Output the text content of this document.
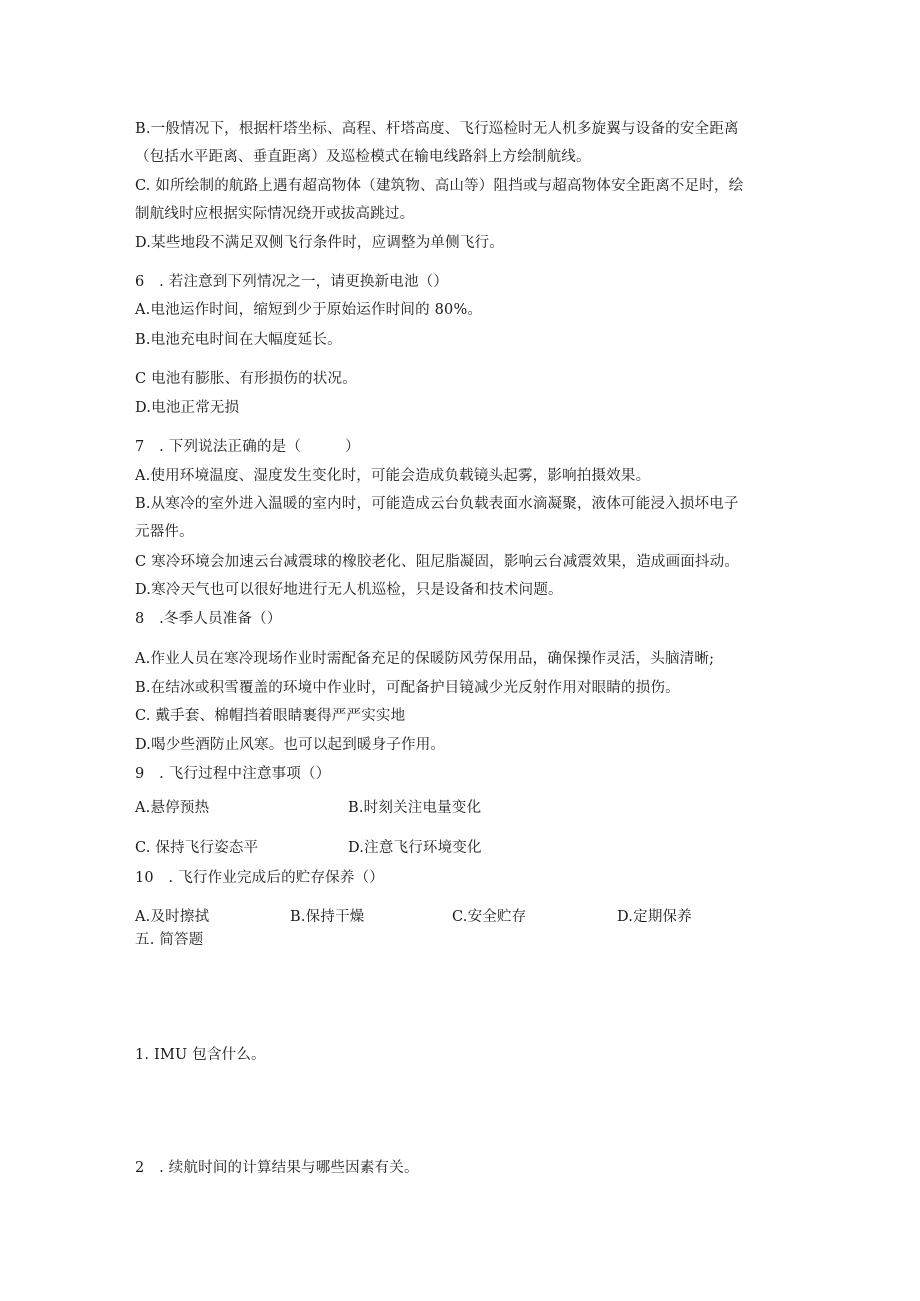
B.一般情况下，根据杆塔坐标、高程、杆塔高度、飞行巡检时无人机多旋翼与设备的安全距离
（包括水平距离、垂直距离）及巡检模式在输电线路斜上方绘制航线。
C. 如所绘制的航路上遇有超高物体（建筑物、高山等）阻挡或与超高物体安全距离不足时，绘
制航线时应根据实际情况绕开或拔高跳过。
D.某些地段不满足双侧飞行条件时，应调整为单侧飞行。
6　. 若注意到下列情况之一，请更换新电池（）
A.电池运作时间，缩短到少于原始运作时间的 80%。
B.电池充电时间在大幅度延长。
C 电池有膨胀、有形损伤的状况。
D.电池正常无损
7　. 下列说法正确的是（　　　）
A.使用环境温度、湿度发生变化时，可能会造成负载镜头起雾，影响拍摄效果。
B.从寒冷的室外进入温暖的室内时，可能造成云台负载表面水滴凝聚，液体可能浸入损坏电子
元器件。
C 寒冷环境会加速云台减震球的橡胶老化、阻尼脂凝固，影响云台减震效果，造成画面抖动。
D.寒冷天气也可以很好地进行无人机巡检，只是设备和技术问题。
8　.冬季人员准备（）
A.作业人员在寒冷现场作业时需配备充足的保暖防风劳保用品，确保操作灵活，头脑清晰;
B.在结冰或积雪覆盖的环境中作业时，可配备护目镜减少光反射作用对眼睛的损伤。
C. 戴手套、棉帽挡着眼睛裹得严严实实地
D.喝少些酒防止风寒。也可以起到暖身子作用。
9　. 飞行过程中注意事项（）
A.悬停预热	B.时刻关注电量变化
C. 保持飞行姿态平	D.注意飞行环境变化
10　. 飞行作业完成后的贮存保养（）
A.及时擦拭	B.保持干燥	C.安全贮存	D.定期保养
五. 简答题
1. IMU 包含什么。
2　. 续航时间的计算结果与哪些因素有关。
